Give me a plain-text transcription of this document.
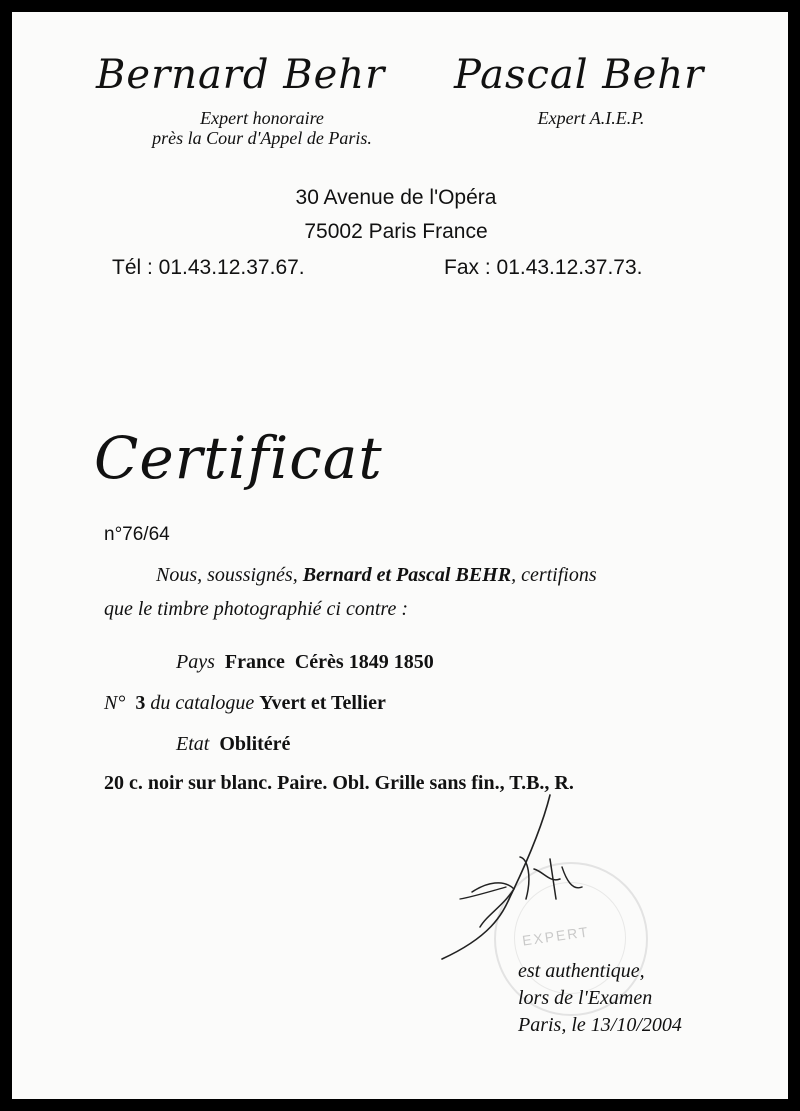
Bernard Behr Pascal Behr
Expert honoraire
près la Cour d'Appel de Paris.
Expert A.I.E.P.
30 Avenue de l'Opéra
75002 Paris France
Tél : 01.43.12.37.67.	Fax : 01.43.12.37.73.
Certificat
n°76/64
Nous, soussignés, Bernard et Pascal BEHR, certifions
que le timbre photographié ci contre :
Pays France  Cérès 1849 1850
N° 3 du catalogue Yvert et Tellier
Etat Oblitéré
20 c. noir sur blanc. Paire. Obl. Grille sans fin., T.B., R.
EXPERT
est authentique,
lors de l'Examen
Paris, le 13/10/2004
